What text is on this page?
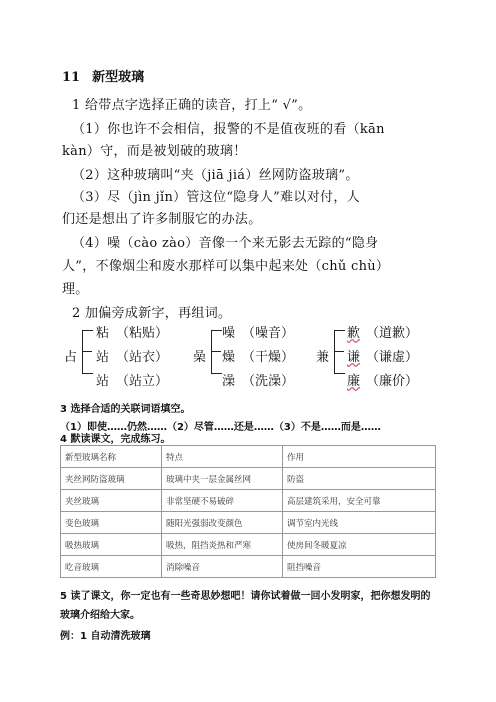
11 新型玻璃
1 给带点字选择正确的读音，打上“ √”。
（1）你也许不会相信，报警的不是值夜班的看（kān
kàn）守，而是被划破的玻璃！
（2）这种玻璃叫“夹（jiā jiá）丝网防盗玻璃”。
（3）尽（jìn jǐn）管这位“隐身人”难以对付，人
们还是想出了许多制服它的办法。
（4）噪（cào zào）音像一个来无影去无踪的“隐身
人”，不像烟尘和废水那样可以集中起来处（chǔ chù）
理。
2 加偏旁成新字，再组词。
占
粘 （粘贴）
站 （站衣）
站 （站立）
喿
噪 （噪音）
燥 （干燥）
澡 （洗澡）
兼
歉 （道歉）
谦 （谦虚）
廉 （廉价）
3 选择合适的关联词语填空。
（1）即使……仍然……（2）尽管……还是……（3）不是……而是……
4 默读课文，完成练习。
新型玻璃名称	特点	作用
夹丝网防盗玻璃	玻璃中夹一层金属丝网	防盗
夹丝玻璃	非常坚硬不易破碎	高层建筑采用，安全可靠
变色玻璃	随阳光强弱改变颜色	调节室内光线
吸热玻璃	吸热，阻挡炎热和严寒	使房间冬暖夏凉
吃音玻璃	消除噪音	阻挡噪音
5 读了课文，你一定也有一些奇思妙想吧！请你试着做一回小发明家，把你想发明的
玻璃介绍给大家。
例：1 自动清洗玻璃
